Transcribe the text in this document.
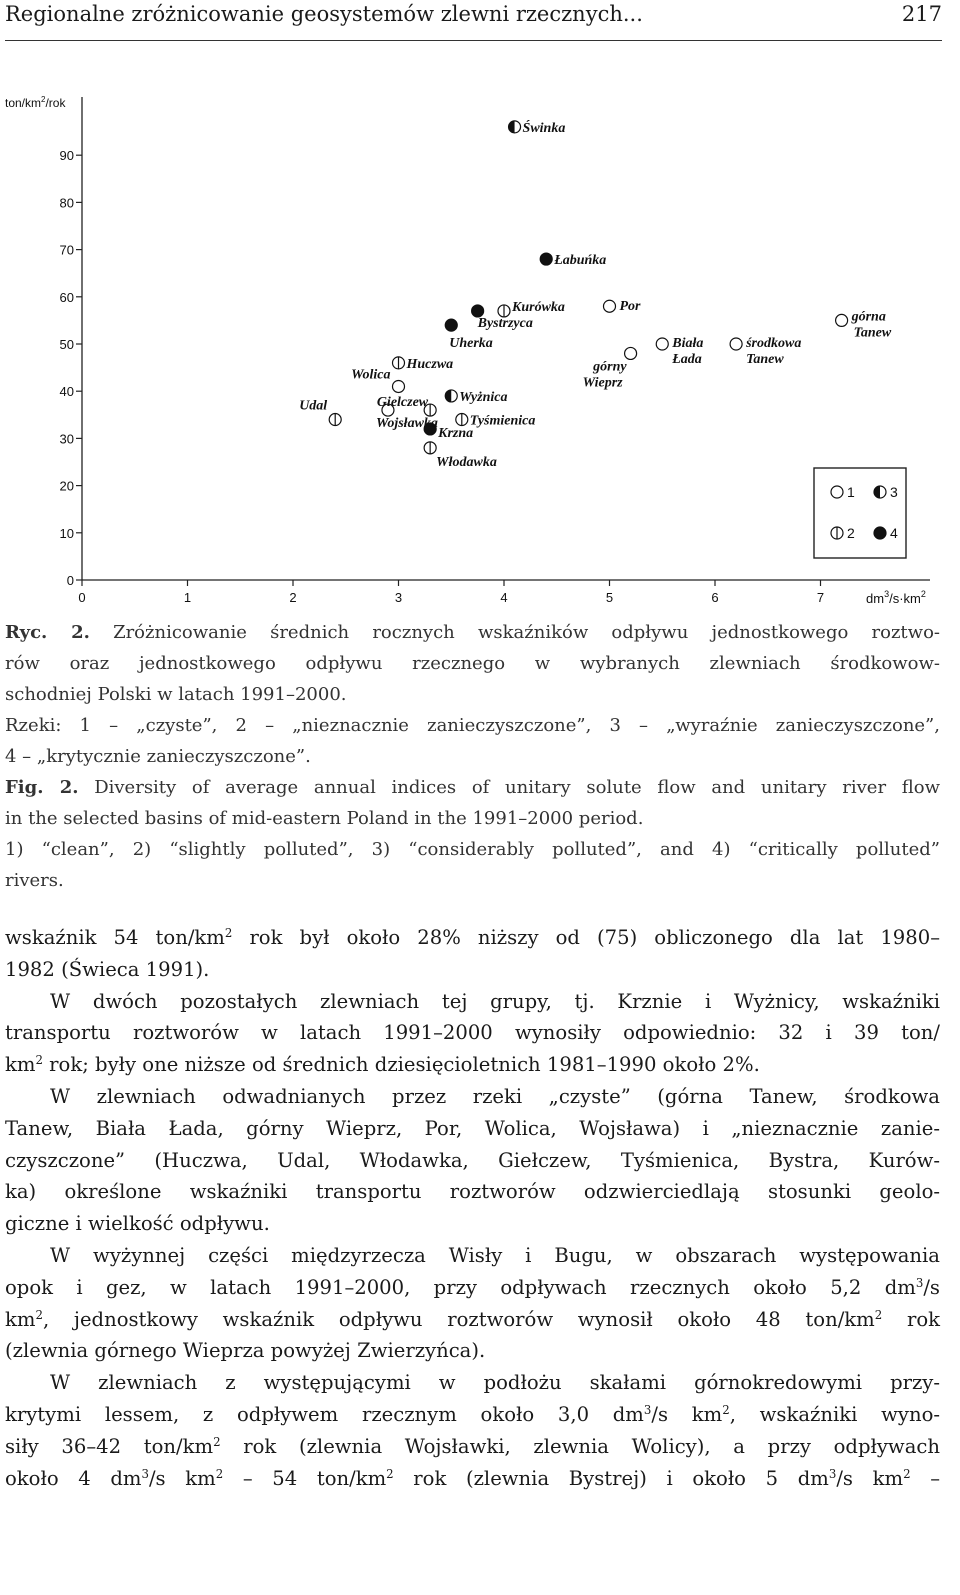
Regionalne zróżnicowanie geosystemów zlewni rzecznych...	217
ton/$km^2$/rok
0
10
20
30
40
50
60
70
80
90
0	1	2	3	4	5	6	7
Świnka
Łabuńka
Kurówka
Bystrzyca
Uherka
Por
Huczwa
Wolica
górny Wieprz
Biała Łada
środkowa Tanew
górna Tanew
Udal	Gielczew
Wojsławka
Wyżnica
Tyśmienica
Krzna
Włodawka
1	3
2	4
$dm^3/s\cdot km^2$
Ryc. 2. Zróżnicowanie średnich rocznych wskaźników odpływu jednostkowego roztwo-
rów oraz jednostkowego odpływu rzecznego w wybranych zlewniach środkowow-
schodniej Polski w latach 1991–2000.
Rzeki: 1 – „czyste”, 2 – „nieznacznie zanieczyszczone”, 3 – „wyraźnie zanieczyszczone”,
4 – „krytycznie zanieczyszczone”.
Fig. 2. Diversity of average annual indices of unitary solute flow and unitary river flow
in the selected basins of mid-eastern Poland in the 1991–2000 period.
1) “clean”, 2) “slightly polluted”, 3) “considerably polluted”, and 4) “critically polluted”
rivers.
wskaźnik 54 ton/$km^2$ rok był około 28% niższy od (75) obliczonego dla lat 1980–
1982 (Świeca 1991).
W dwóch pozostałych zlewniach tej grupy, tj. Krznie i Wyżnicy, wskaźniki
transportu roztworów w latach 1991–2000 wynosiły odpowiednio: 32 i 39 ton/
$km^2$ rok; były one niższe od średnich dziesięcioletnich 1981–1990 około 2%.
W zlewniach odwadnianych przez rzeki „czyste” (górna Tanew, środkowa
Tanew, Biała Łada, górny Wieprz, Por, Wolica, Wojsława) i „nieznacznie zanie-
czyszczone” (Huczwa, Udal, Włodawka, Giełczew, Tyśmienica, Bystra, Kurów-
ka) określone wskaźniki transportu roztworów odzwierciedlają stosunki geolo-
giczne i wielkość odpływu.
W wyżynnej części międzyrzecza Wisły i Bugu, w obszarach występowania
opok i gez, w latach 1991–2000, przy odpływach rzecznych około 5,2 $dm^3/s$
$km^2$, jednostkowy wskaźnik odpływu roztworów wynosił około 48 ton/$km^2$ rok
(zlewnia górnego Wieprza powyżej Zwierzyńca).
W zlewniach z występującymi w podłożu skałami górnokredowymi przy-
krytymi lessem, z odpływem rzecznym około 3,0 $dm^3/s$ $km^2$, wskaźniki wyno-
siły 36–42 ton/$km^2$ rok (zlewnia Wojsławki, zlewnia Wolicy), a przy odpływach
około 4 $dm^3/s$ $km^2 - 54$ ton/$km^2$ rok (zlewnia Bystrej) i około 5 $dm^3/s$ $km^2$ –
